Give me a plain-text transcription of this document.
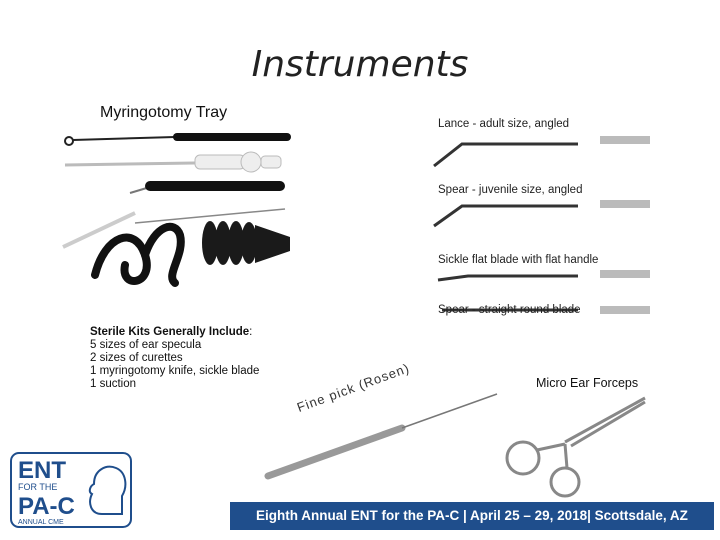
Instruments
Myringotomy Tray
Lance - adult size, angled
Spear - juvenile size, angled
Sickle flat blade with flat handle
Spear - straight round blade
Sterile Kits Generally Include:
5 sizes of ear specula
2 sizes of curettes
1 myringotomy knife, sickle blade
1 suction	Fine pick (Rosen)	Micro Ear Forceps
ENT
FOR THE
PA-C
ANNUAL CME	Eighth Annual ENT for the PA-C | April 25 – 29, 2018| Scottsdale, AZ
